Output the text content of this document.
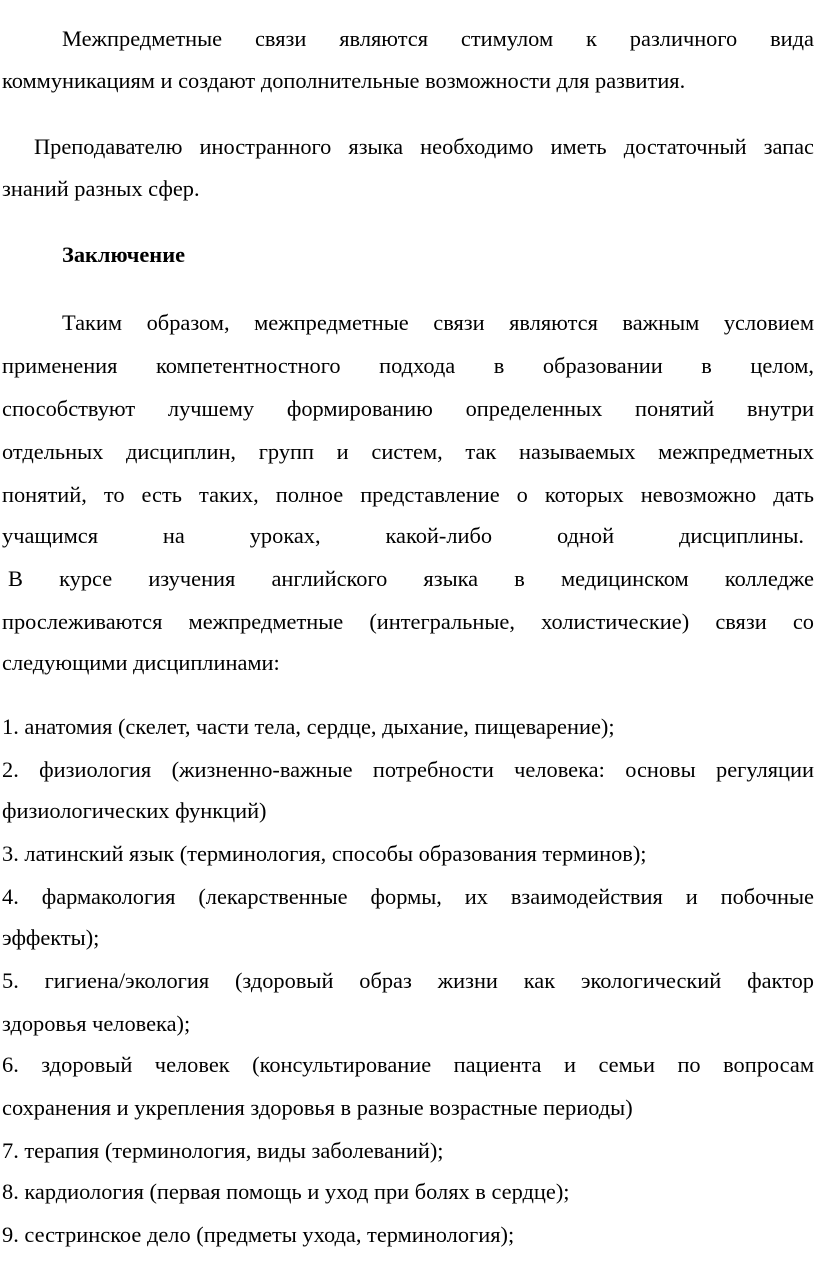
Межпредметные связи являются стимулом к различного вида
коммуникациям и создают дополнительные возможности для развития.
Преподавателю иностранного языка необходимо иметь достаточный запас
знаний разных сфер.
Заключение
Таким образом, межпредметные связи являются важным условием
применения компетентностного подхода в образовании в целом,
способствуют лучшему формированию определенных понятий внутри
отдельных дисциплин, групп и систем, так называемых межпредметных
понятий, то есть таких, полное представление о которых невозможно дать
учащимся на уроках, какой-либо одной дисциплины.
В курсе изучения английского языка в медицинском колледже
прослеживаются межпредметные (интегральные, холистические) связи со
следующими дисциплинами:
1. анатомия (скелет, части тела, сердце, дыхание, пищеварение);
2. физиология (жизненно-важные потребности человека: основы регуляции
физиологических функций)
3. латинский язык (терминология, способы образования терминов);
4. фармакология (лекарственные формы, их взаимодействия и побочные
эффекты);
5. гигиена/экология (здоровый образ жизни как экологический фактор
здоровья человека);
6. здоровый человек (консультирование пациента и семьи по вопросам
сохранения и укрепления здоровья в разные возрастные периоды)
7. терапия (терминология, виды заболеваний);
8. кардиология (первая помощь и уход при болях в сердце);
9. сестринское дело (предметы ухода, терминология);
